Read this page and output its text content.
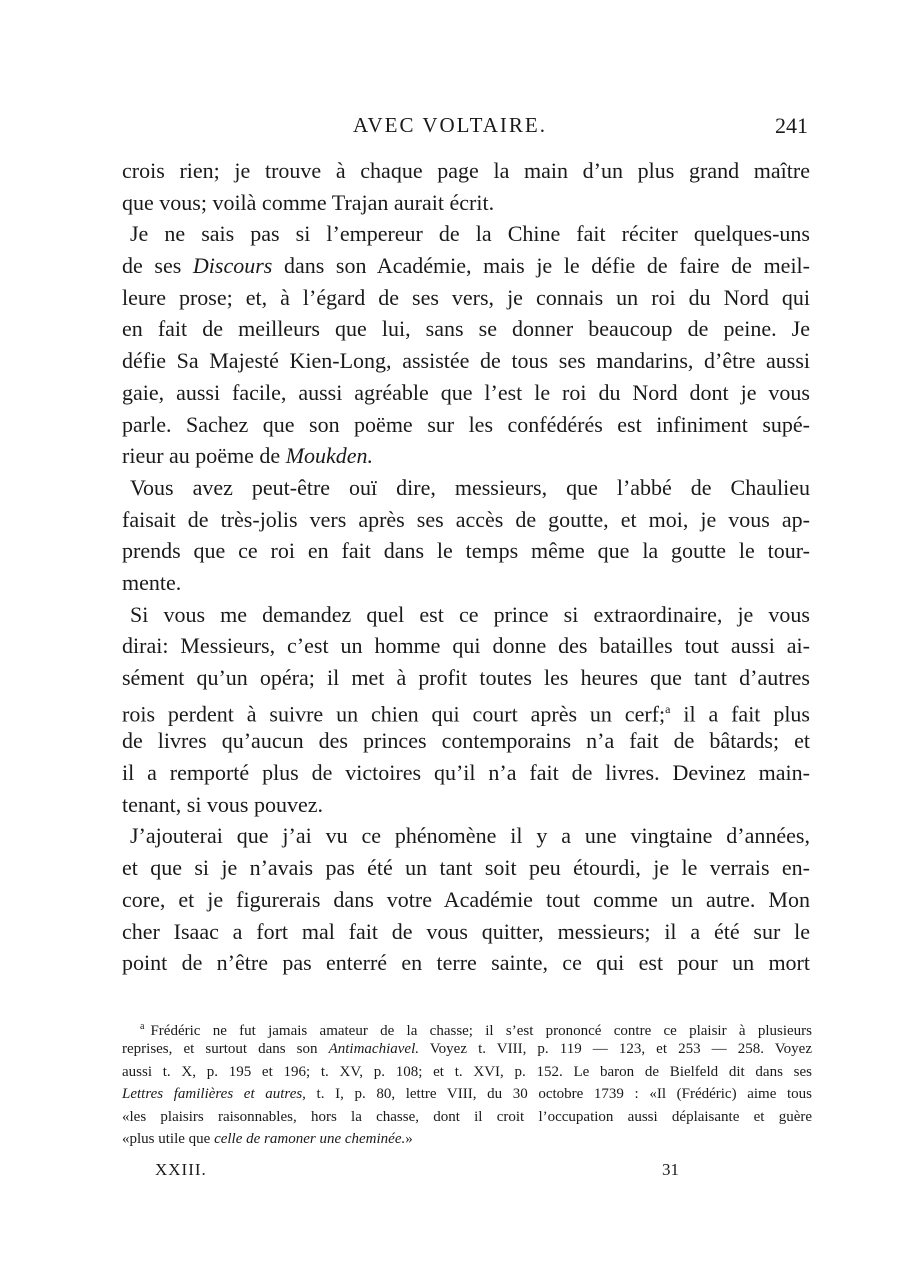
AVEC VOLTAIRE.	241
crois rien; je trouve à chaque page la main d’un plus grand maître
que vous; voilà comme Trajan aurait écrit.
Je ne sais pas si l’empereur de la Chine fait réciter quelques-uns
de ses Discours dans son Académie, mais je le défie de faire de meil-
leure prose; et, à l’égard de ses vers, je connais un roi du Nord qui
en fait de meilleurs que lui, sans se donner beaucoup de peine. Je
défie Sa Majesté Kien-Long, assistée de tous ses mandarins, d’être aussi
gaie, aussi facile, aussi agréable que l’est le roi du Nord dont je vous
parle. Sachez que son poëme sur les confédérés est infiniment supé-
rieur au poëme de Moukden.
Vous avez peut-être ouï dire, messieurs, que l’abbé de Chaulieu
faisait de très-jolis vers après ses accès de goutte, et moi, je vous ap-
prends que ce roi en fait dans le temps même que la goutte le tour-
mente.
Si vous me demandez quel est ce prince si extraordinaire, je vous
dirai: Messieurs, c’est un homme qui donne des batailles tout aussi ai-
sément qu’un opéra; il met à profit toutes les heures que tant d’autres
rois perdent à suivre un chien qui court après un cerf;$^a$ il a fait plus
de livres qu’aucun des princes contemporains n’a fait de bâtards; et
il a remporté plus de victoires qu’il n’a fait de livres. Devinez main-
tenant, si vous pouvez.
J’ajouterai que j’ai vu ce phénomène il y a une vingtaine d’années,
et que si je n’avais pas été un tant soit peu étourdi, je le verrais en-
core, et je figurerais dans votre Académie tout comme un autre. Mon
cher Isaac a fort mal fait de vous quitter, messieurs; il a été sur le
point de n’être pas enterré en terre sainte, ce qui est pour un mort
$^a$ Frédéric ne fut jamais amateur de la chasse; il s’est prononcé contre ce plaisir à plusieurs
reprises, et surtout dans son Antimachiavel. Voyez t. VIII, p. 119 — 123, et 253 — 258. Voyez
aussi t. X, p. 195 et 196; t. XV, p. 108; et t. XVI, p. 152. Le baron de Bielfeld dit dans ses
Lettres familières et autres, t. I, p. 80, lettre VIII, du 30 octobre 1739 : «Il (Frédéric) aime tous
«les plaisirs raisonnables, hors la chasse, dont il croit l’occupation aussi déplaisante et guère
«plus utile que celle de ramoner une cheminée.»
XXIII.	31
